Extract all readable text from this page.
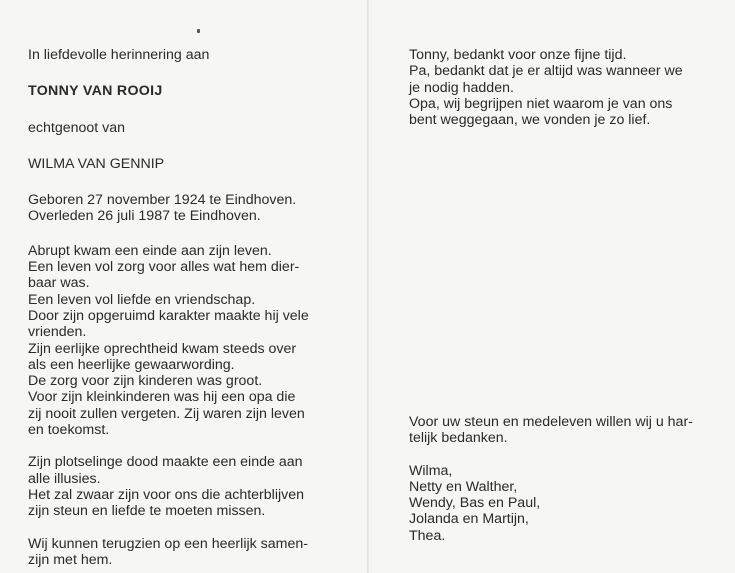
In liefdevolle herinnering aan
TONNY VAN ROOIJ
echtgenoot van
WILMA VAN GENNIP
Geboren 27 november 1924 te Eindhoven.
Overleden 26 juli 1987 te Eindhoven.
Abrupt kwam een einde aan zijn leven.
Een leven vol zorg voor alles wat hem dier-
baar was.
Een leven vol liefde en vriendschap.
Door zijn opgeruimd karakter maakte hij vele
vrienden.
Zijn eerlijke oprechtheid kwam steeds over
als een heerlijke gewaarwording.
De zorg voor zijn kinderen was groot.
Voor zijn kleinkinderen was hij een opa die
zij nooit zullen vergeten. Zij waren zijn leven
en toekomst.
Zijn plotselinge dood maakte een einde aan
alle illusies.
Het zal zwaar zijn voor ons die achterblijven
zijn steun en liefde te moeten missen.
Wij kunnen terugzien op een heerlijk samen-
zijn met hem.
Tonny, bedankt voor onze fijne tijd.
Pa, bedankt dat je er altijd was wanneer we
je nodig hadden.
Opa, wij begrijpen niet waarom je van ons
bent weggegaan, we vonden je zo lief.
Voor uw steun en medeleven willen wij u har-
telijk bedanken.
Wilma,
Netty en Walther,
Wendy, Bas en Paul,
Jolanda en Martijn,
Thea.
